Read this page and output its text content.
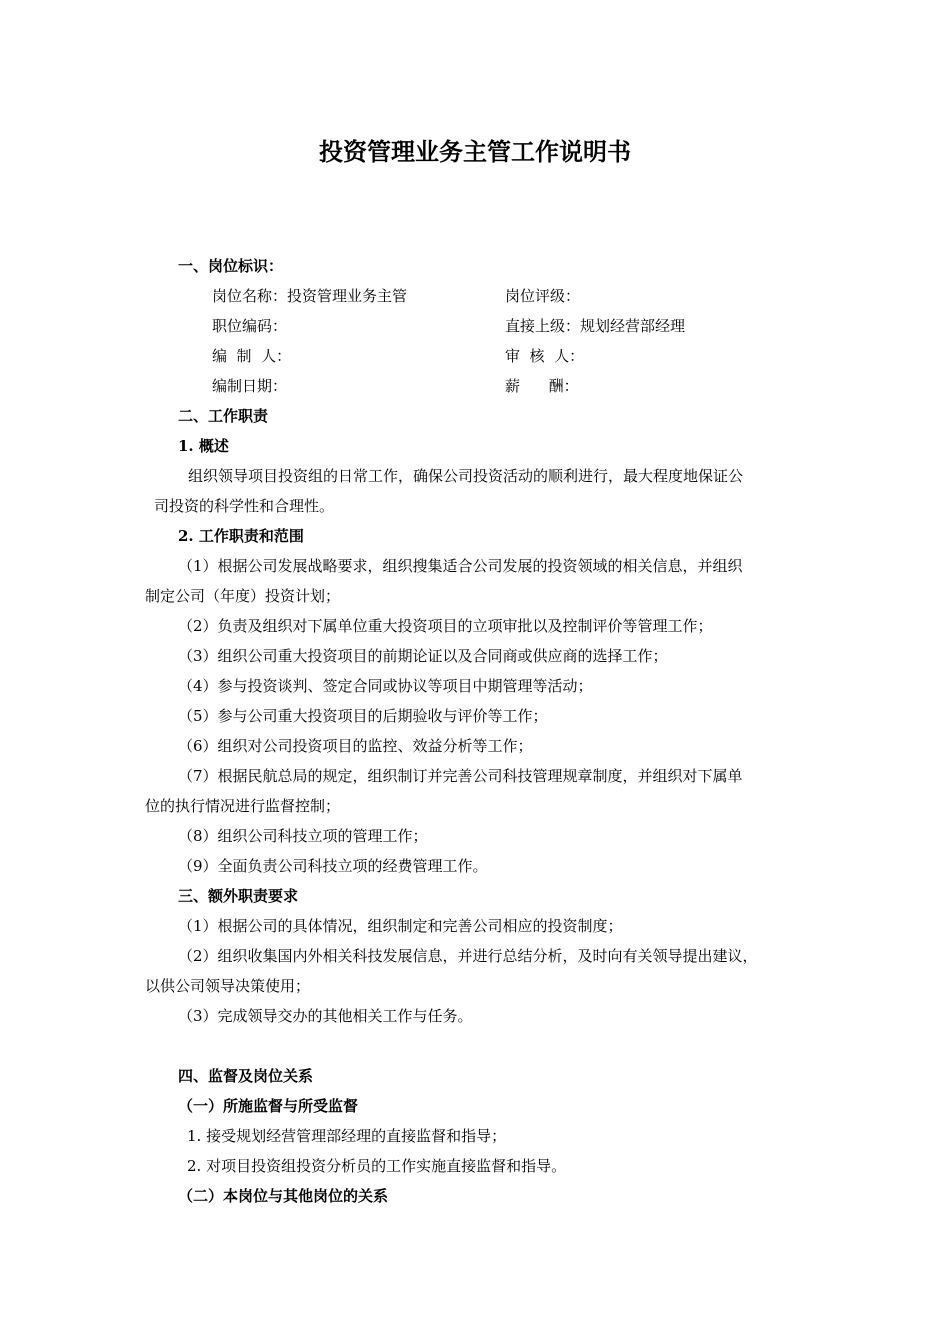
投资管理业务主管工作说明书
一、岗位标识：
岗位名称：投资管理业务主管	岗位评级：
职位编码：	直接上级：规划经营部经理
编  制  人：	审  核  人：
编制日期：	薪      酬：
二、工作职责
1. 概述
组织领导项目投资组的日常工作，确保公司投资活动的顺利进行，最大程度地保证公
司投资的科学性和合理性。
2. 工作职责和范围
（1）根据公司发展战略要求，组织搜集适合公司发展的投资领域的相关信息，并组织
制定公司（年度）投资计划；
（2）负责及组织对下属单位重大投资项目的立项审批以及控制评价等管理工作；
（3）组织公司重大投资项目的前期论证以及合同商或供应商的选择工作；
（4）参与投资谈判、签定合同或协议等项目中期管理等活动；
（5）参与公司重大投资项目的后期验收与评价等工作；
（6）组织对公司投资项目的监控、效益分析等工作；
（7）根据民航总局的规定，组织制订并完善公司科技管理规章制度，并组织对下属单
位的执行情况进行监督控制；
（8）组织公司科技立项的管理工作；
（9）全面负责公司科技立项的经费管理工作。
三、额外职责要求
（1）根据公司的具体情况，组织制定和完善公司相应的投资制度；
（2）组织收集国内外相关科技发展信息，并进行总结分析，及时向有关领导提出建议，
以供公司领导决策使用；
（3）完成领导交办的其他相关工作与任务。
四、监督及岗位关系
（一）所施监督与所受监督
1. 接受规划经营管理部经理的直接监督和指导；
2. 对项目投资组投资分析员的工作实施直接监督和指导。
（二）本岗位与其他岗位的关系
